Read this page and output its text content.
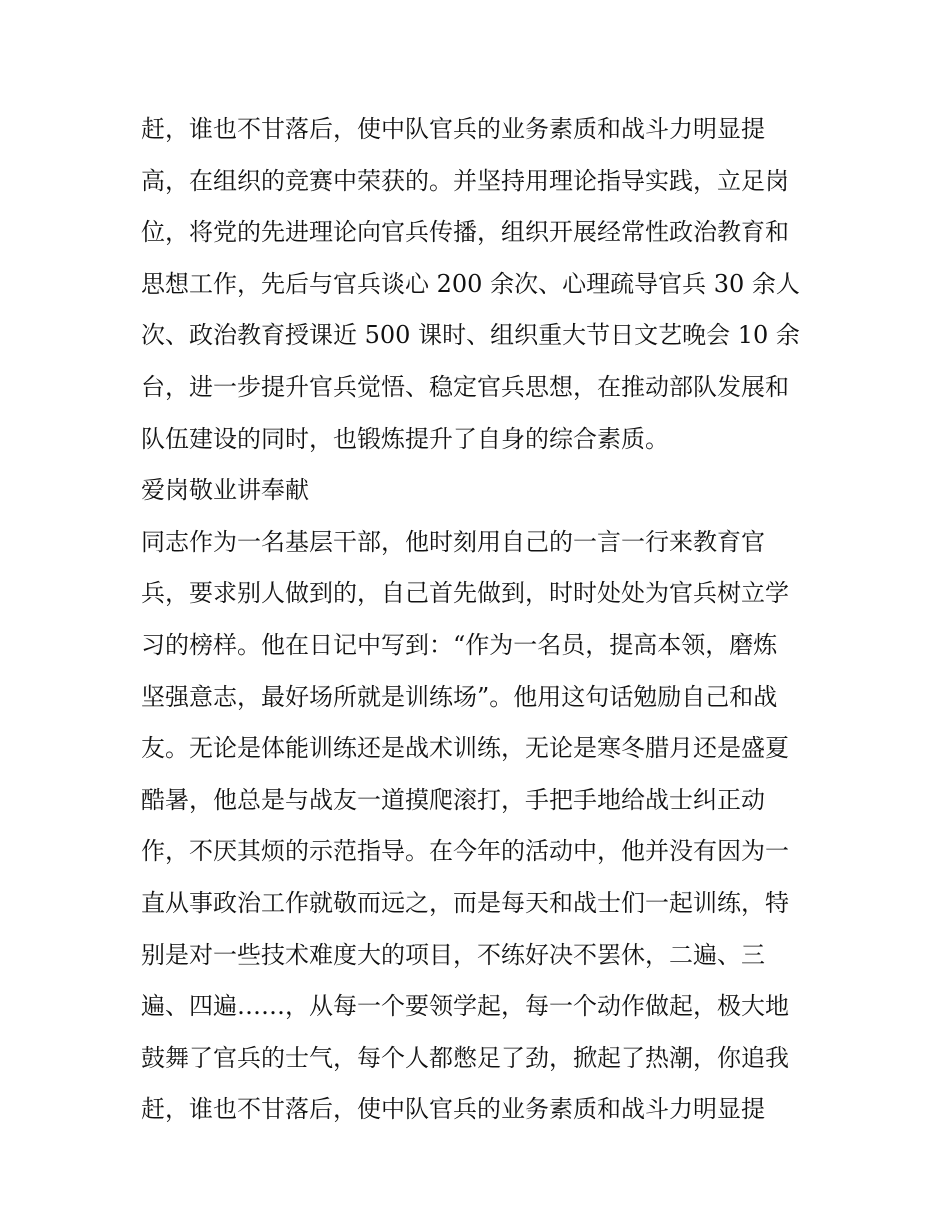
赶，谁也不甘落后，使中队官兵的业务素质和战斗力明显提
高，在组织的竞赛中荣获的。并坚持用理论指导实践，立足岗
位，将党的先进理论向官兵传播，组织开展经常性政治教育和
思想工作，先后与官兵谈心 200 余次、心理疏导官兵 30 余人
次、政治教育授课近 500 课时、组织重大节日文艺晚会 10 余
台，进一步提升官兵觉悟、稳定官兵思想，在推动部队发展和
队伍建设的同时，也锻炼提升了自身的综合素质。
爱岗敬业讲奉献
同志作为一名基层干部，他时刻用自己的一言一行来教育官
兵，要求别人做到的，自己首先做到，时时处处为官兵树立学
习的榜样。他在日记中写到：“作为一名员，提高本领，磨炼
坚强意志，最好场所就是训练场”。他用这句话勉励自己和战
友。无论是体能训练还是战术训练，无论是寒冬腊月还是盛夏
酷暑，他总是与战友一道摸爬滚打，手把手地给战士纠正动
作，不厌其烦的示范指导。在今年的活动中，他并没有因为一
直从事政治工作就敬而远之，而是每天和战士们一起训练，特
别是对一些技术难度大的项目，不练好决不罢休，二遍、三
遍、四遍……，从每一个要领学起，每一个动作做起，极大地
鼓舞了官兵的士气，每个人都憋足了劲，掀起了热潮，你追我
赶，谁也不甘落后，使中队官兵的业务素质和战斗力明显提
